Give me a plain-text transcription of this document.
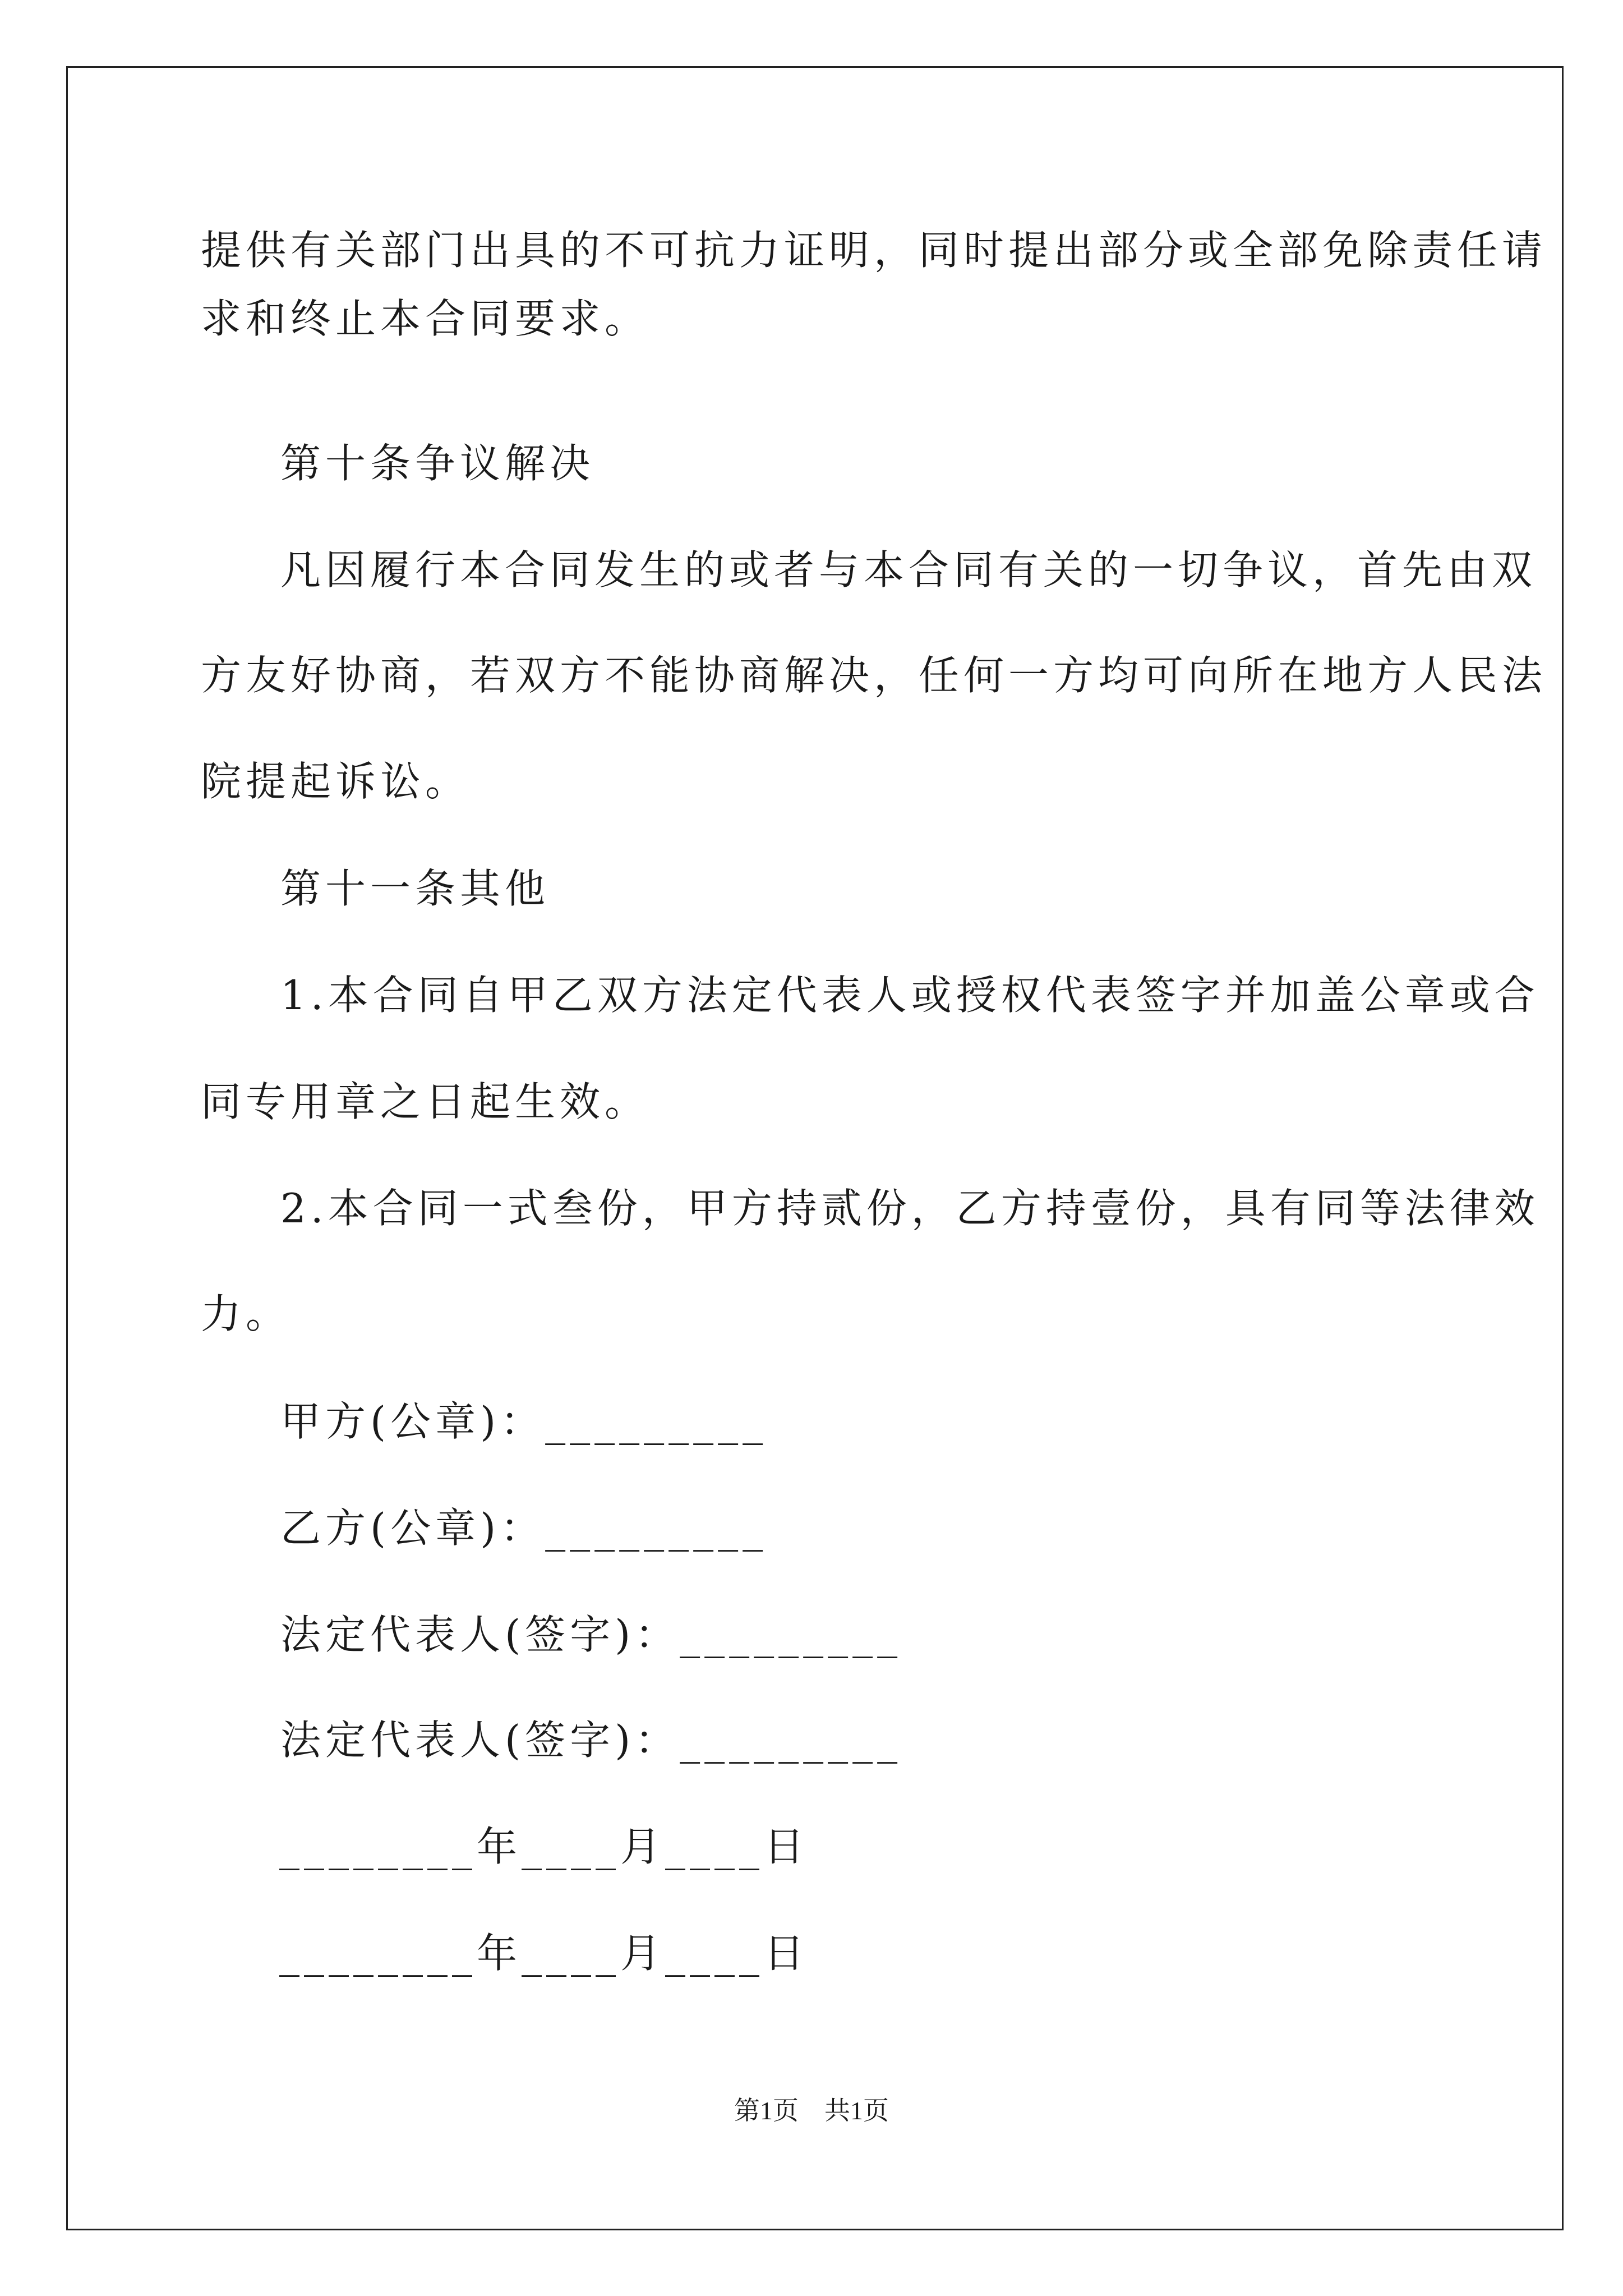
提供有关部门出具的不可抗力证明，同时提出部分或全部免除责任请

求和终止本合同要求。

第十条争议解决

凡因履行本合同发生的或者与本合同有关的一切争议，首先由双

方友好协商，若双方不能协商解决，任何一方均可向所在地方人民法

院提起诉讼。

第十一条其他

1.本合同自甲乙双方法定代表人或授权代表签字并加盖公章或合

同专用章之日起生效。

2.本合同一式叁份，甲方持贰份，乙方持壹份，具有同等法律效

力。

甲方(公章)：_________

乙方(公章)：_________

法定代表人(签字)：_________

法定代表人(签字)：_________

________年____月____日

________年____月____日

第1页 共1页
